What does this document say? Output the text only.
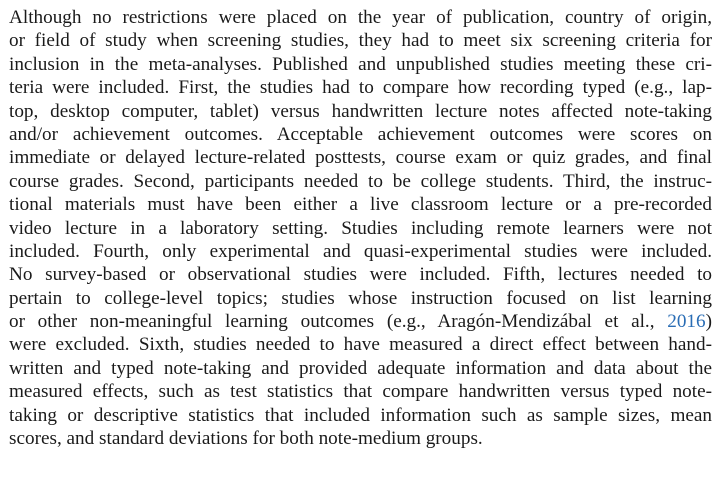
Although no restrictions were placed on the year of publication, country of origin,
or field of study when screening studies, they had to meet six screening criteria for
inclusion in the meta-analyses. Published and unpublished studies meeting these cri-
teria were included. First, the studies had to compare how recording typed (e.g., lap-
top, desktop computer, tablet) versus handwritten lecture notes affected note-taking
and/or achievement outcomes. Acceptable achievement outcomes were scores on
immediate or delayed lecture-related posttests, course exam or quiz grades, and final
course grades. Second, participants needed to be college students. Third, the instruc-
tional materials must have been either a live classroom lecture or a pre-recorded
video lecture in a laboratory setting. Studies including remote learners were not
included. Fourth, only experimental and quasi-experimental studies were included.
No survey-based or observational studies were included. Fifth, lectures needed to
pertain to college-level topics; studies whose instruction focused on list learning
or other non-meaningful learning outcomes (e.g., Aragón-Mendizábal et al., 2016)
were excluded. Sixth, studies needed to have measured a direct effect between hand-
written and typed note-taking and provided adequate information and data about the
measured effects, such as test statistics that compare handwritten versus typed note-
taking or descriptive statistics that included information such as sample sizes, mean
scores, and standard deviations for both note-medium groups.
